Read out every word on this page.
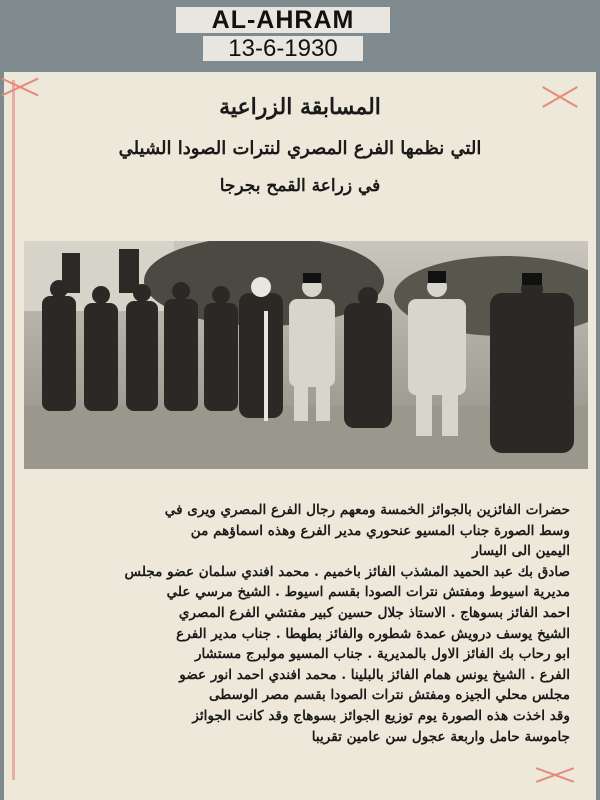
AL-AHRAM
13-6-1930
المسابقة الزراعية
التي نظمها الفرع المصري لنترات الصودا الشيلي
في زراعة القمح بجرجا

حضرات الفائزين بالجوائز الخمسة ومعهم رجال الفرع المصري ويرى في

وسط الصورة جناب المسيو عنحوري مدير الفرع وهذه اسماؤهم من

اليمين الى اليسار

صادق بك عبد الحميد المشذب الفائز باخميم . محمد افندي سلمان عضو مجلس

مديرية اسيوط ومفتش نترات الصودا بقسم اسيوط . الشيخ مرسي علي

احمد الفائز بسوهاج . الاستاذ جلال حسين كبير مفتشي الفرع المصري

الشيخ يوسف درويش عمدة شطوره والفائز بطهطا . جناب مدير الفرع

ابو رحاب بك الفائز الاول بالمديرية . جناب المسيو مولبرج مستشار

الفرع . الشيخ يونس همام الفائز بالبلينا . محمد افندي احمد انور عضو

مجلس محلي الجيزه ومفتش نترات الصودا بقسم مصر الوسطى

وقد اخذت هذه الصورة يوم توزيع الجوائز بسوهاج وقد كانت الجوائز

جاموسة حامل واربعة عجول سن عامين تقريبا
